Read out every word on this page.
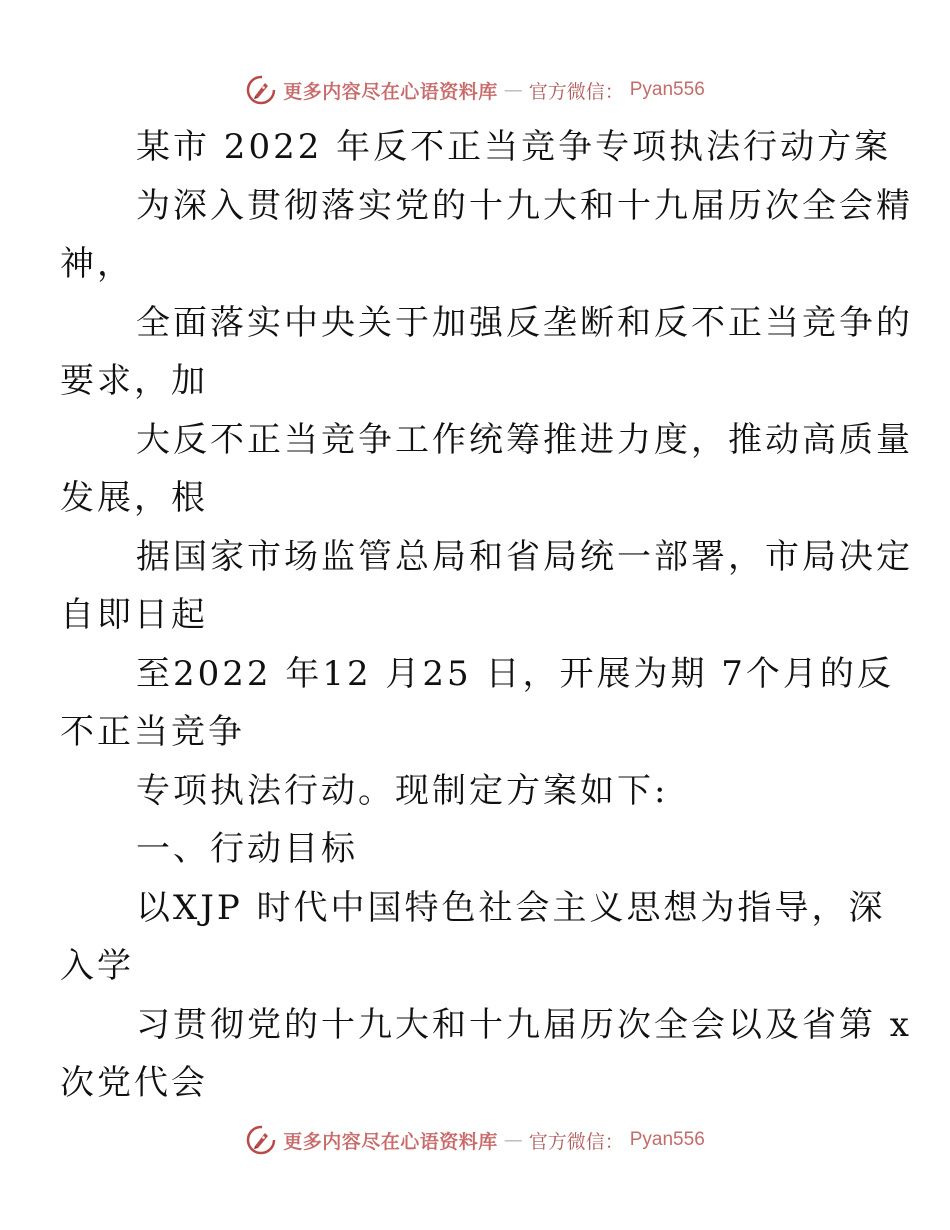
更多内容尽在心语资料库 — 官方微信： Pyan556

某市 2022 年反不正当竞争专项执法行动方案

为深入贯彻落实党的十九大和十九届历次全会精
神，

全面落实中央关于加强反垄断和反不正当竞争的
要求，加

大反不正当竞争工作统筹推进力度，推动高质量
发展，根

据国家市场监管总局和省局统一部署，市局决定
自即日起

至2022 年12 月25 日，开展为期 7个月的反
不正当竞争

专项执法行动。现制定方案如下:

一、行动目标

以XJP 时代中国特色社会主义思想为指导，深
入学

习贯彻党的十九大和十九届历次全会以及省第 x
次党代会

更多内容尽在心语资料库 — 官方微信： Pyan556
